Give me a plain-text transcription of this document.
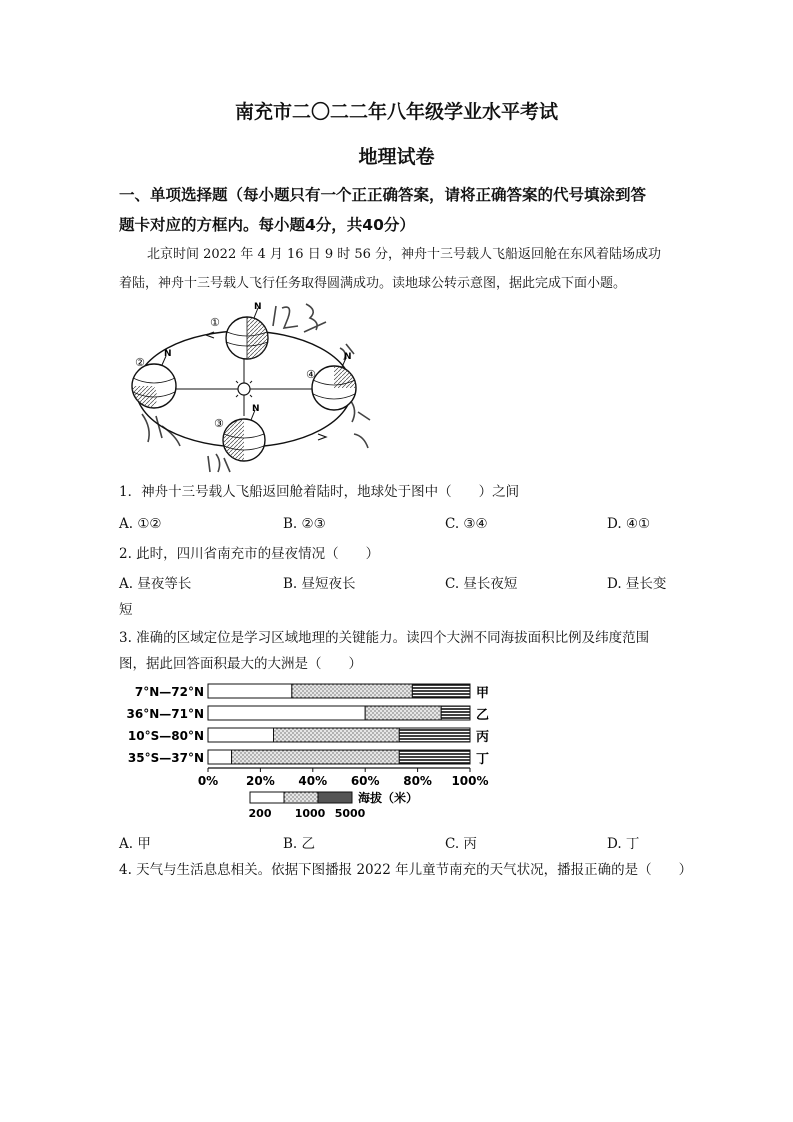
南充市二〇二二年八年级学业水平考试
地理试卷
一、单项选择题（每小题只有一个正正确答案，请将正确答案的代号填涂到答
题卡对应的方框内。每小题4分，共40分）
北京时间 2022 年 4 月 16 日 9 时 56 分，神舟十三号载人飞船返回舱在东风着陆场成功
着陆，神舟十三号载人飞行任务取得圆满成功。读地球公转示意图，据此完成下面小题。
N
N
N
N
①
②
③
④
1．神舟十三号载人飞船返回舱着陆时，地球处于图中（　　）之间
A. ①②	B. ②③	C. ③④	D. ④①
2. 此时，四川省南充市的昼夜情况（　　）
A. 昼夜等长	B. 昼短夜长	C. 昼长夜短	D. 昼长变
短
3. 准确的区域定位是学习区域地理的关键能力。读四个大洲不同海拔面积比例及纬度范围
图，据此回答面积最大的大洲是（　　）
7°N—72°N
36°N—71°N
10°S—80°N
35°S—37°N
甲
乙
丙
丁
0% 20% 40% 60% 80% 100%
海拔（米）
200 1000 5000
A. 甲	B. 乙	C. 丙	D. 丁
4. 天气与生活息息相关。依据下图播报 2022 年儿童节南充的天气状况，播报正确的是（　　）
